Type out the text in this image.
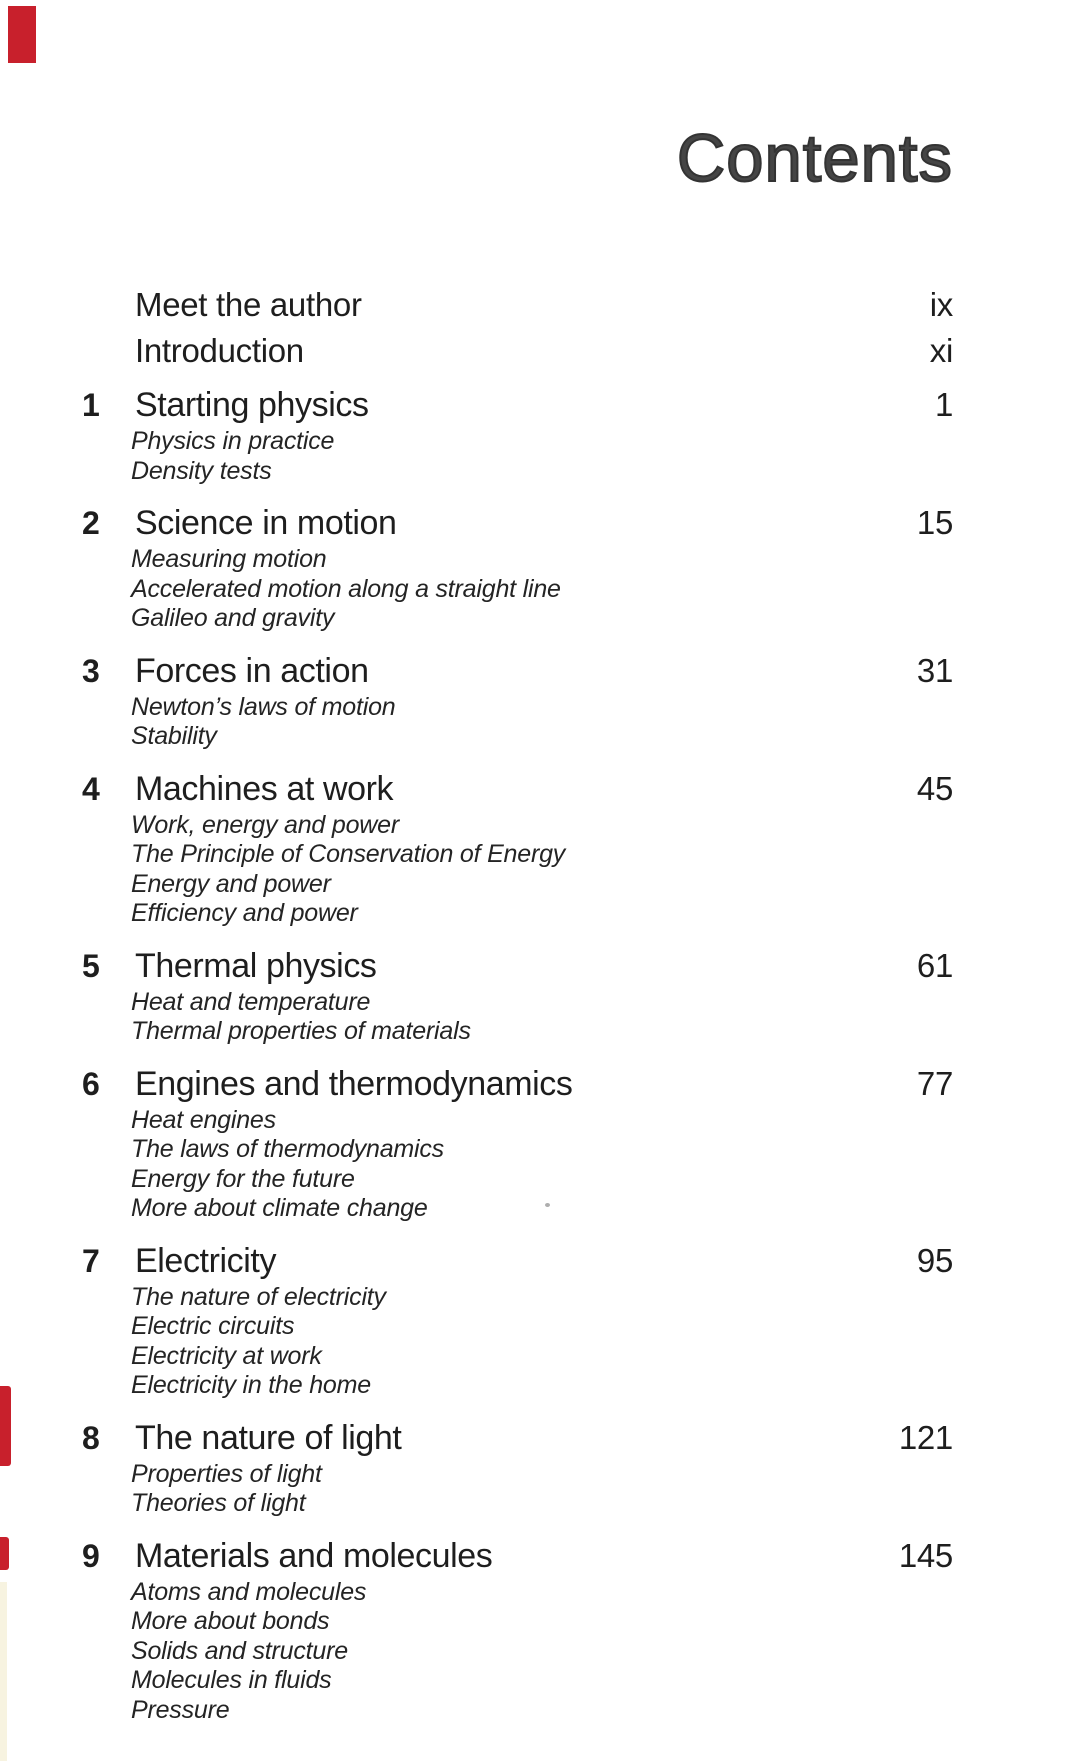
Contents
Meet the author	ix
Introduction	xi
1	Starting physics	1
Physics in practice
Density tests
2	Science in motion	15
Measuring motion
Accelerated motion along a straight line
Galileo and gravity
3	Forces in action	31
Newton’s laws of motion
Stability
4	Machines at work	45
Work, energy and power
The Principle of Conservation of Energy
Energy and power
Efficiency and power
5	Thermal physics	61
Heat and temperature
Thermal properties of materials
6	Engines and thermodynamics	77
Heat engines
The laws of thermodynamics
Energy for the future
More about climate change
7	Electricity	95
The nature of electricity
Electric circuits
Electricity at work
Electricity in the home
8	The nature of light	121
Properties of light
Theories of light
9	Materials and molecules	145
Atoms and molecules
More about bonds
Solids and structure
Molecules in fluids
Pressure
